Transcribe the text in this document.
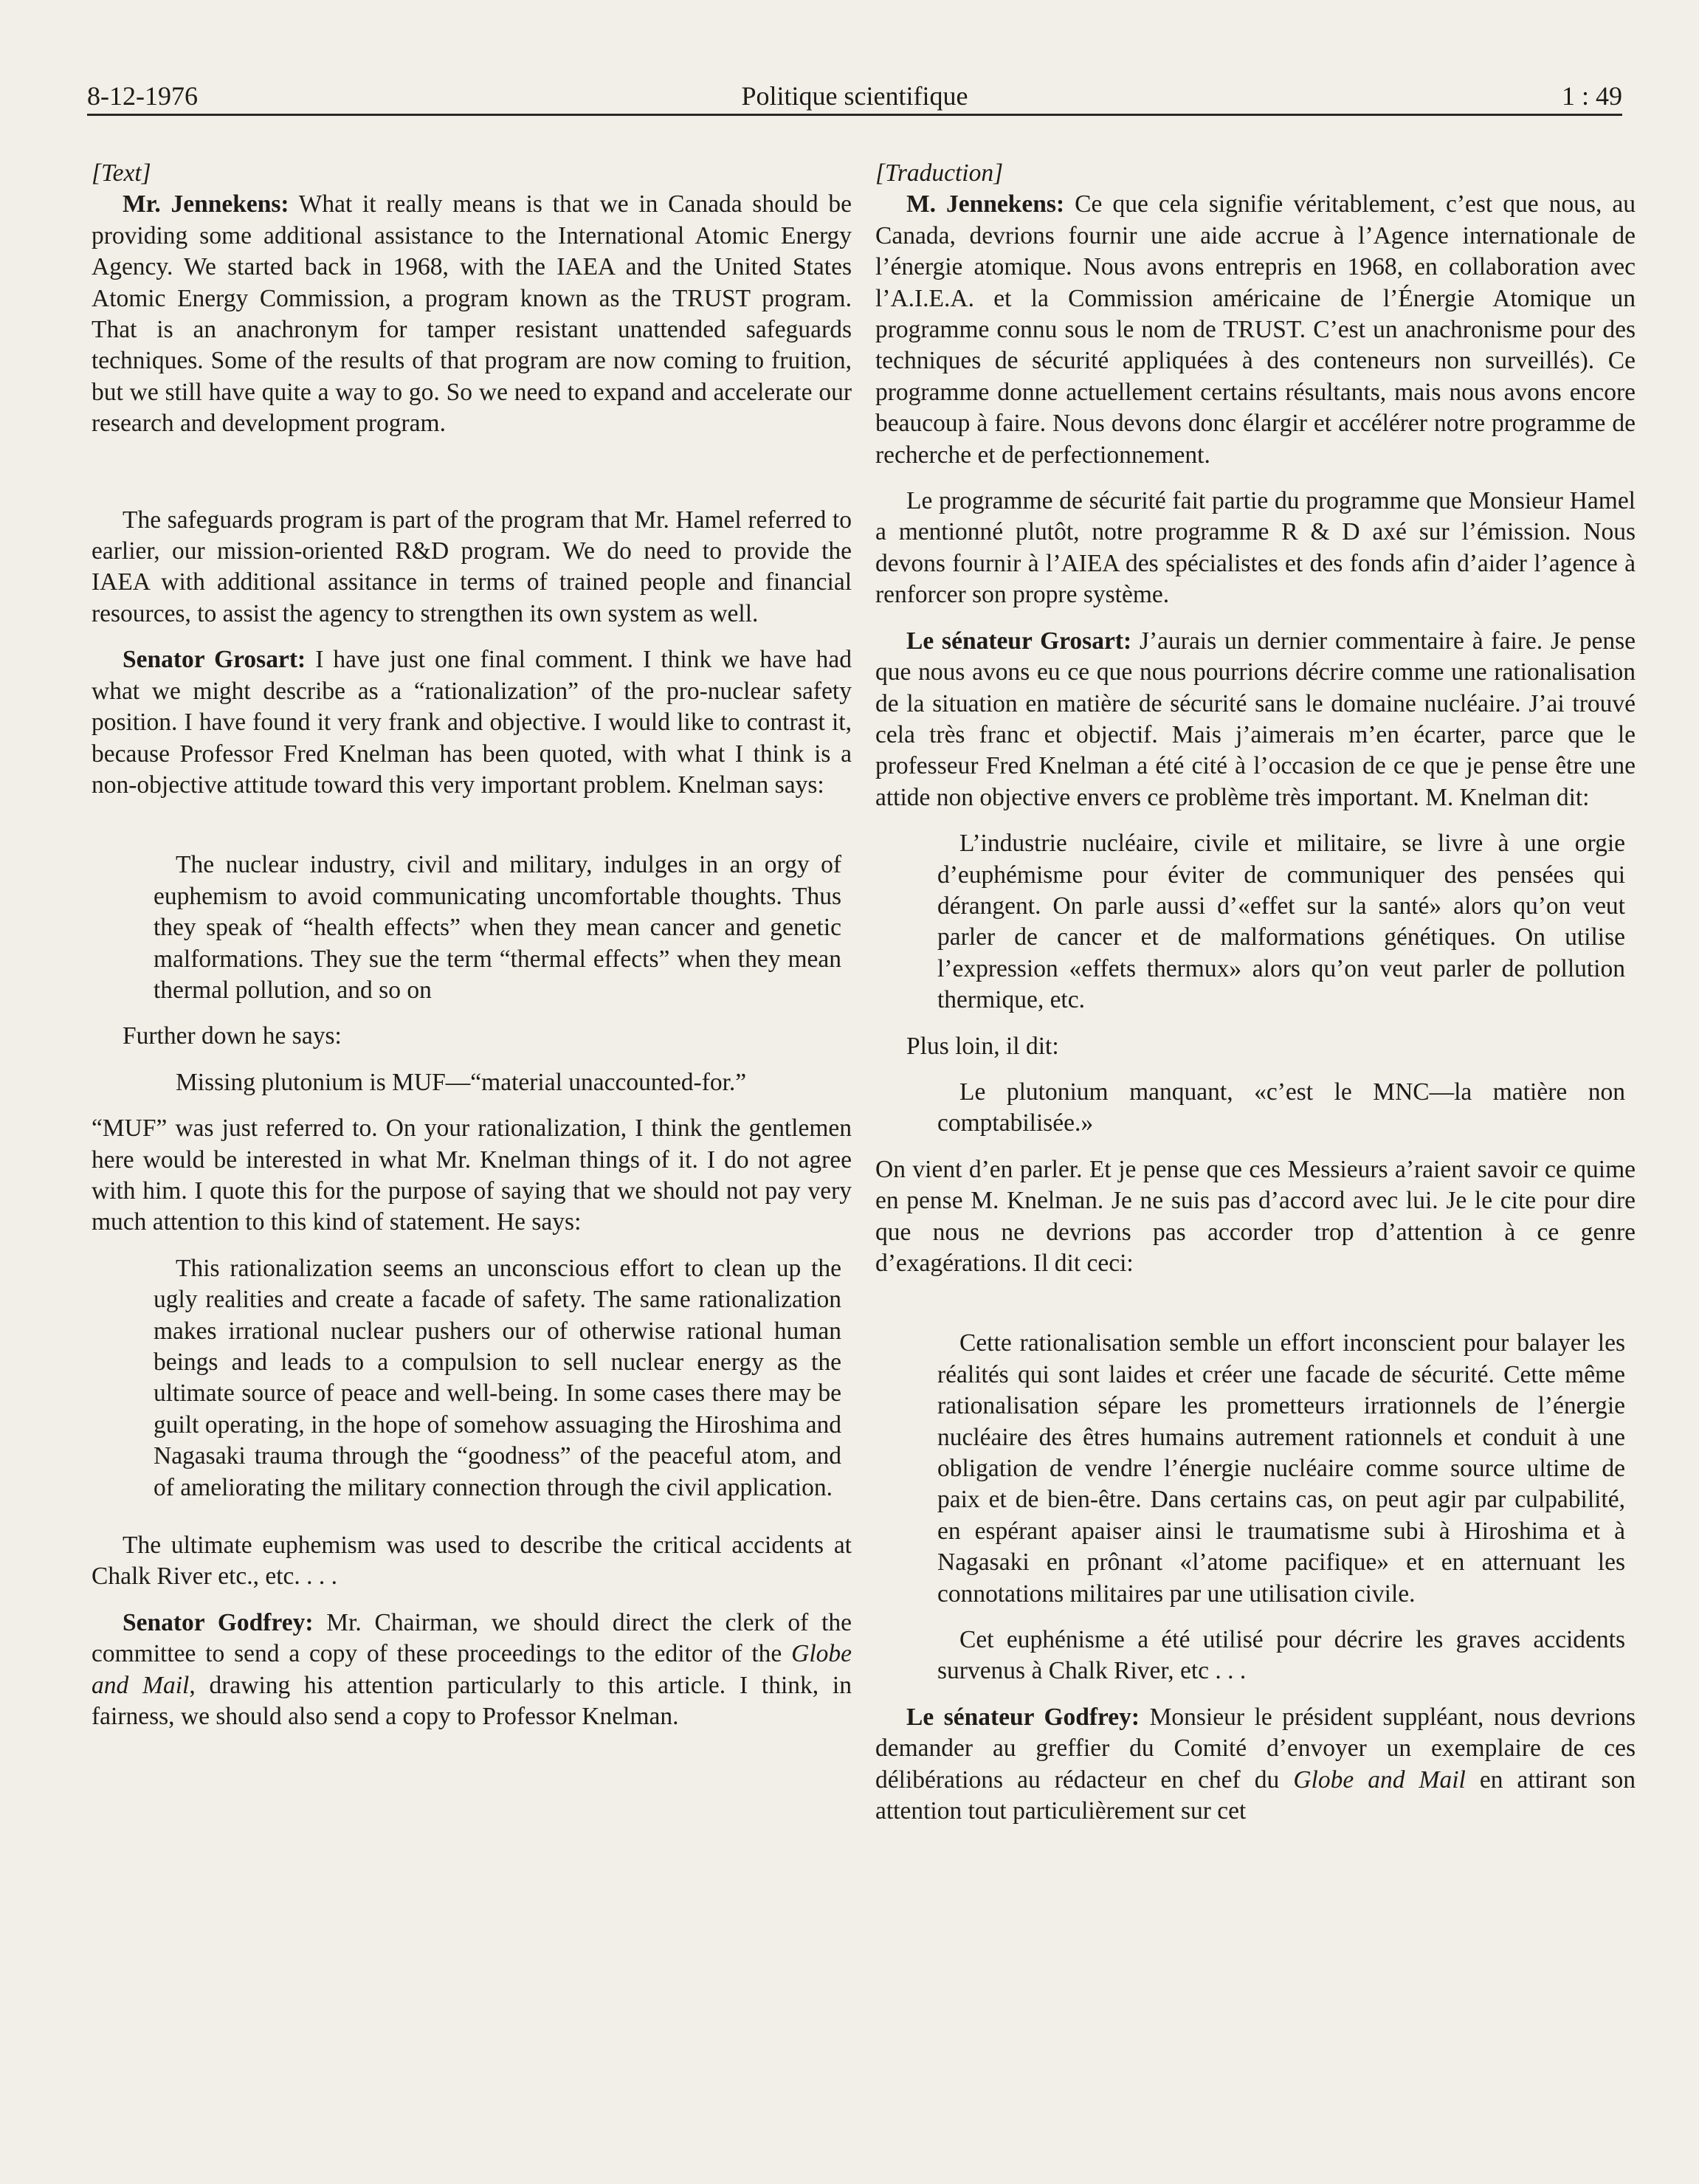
8-12-1976	Politique scientifique	1 : 49

[Text]

Mr. Jennekens: What it really means is that we in Canada should be providing some additional assistance to the International Atomic Energy Agency. We started back in 1968, with the IAEA and the United States Atomic Energy Commission, a program known as the TRUST program. That is an anachronym for tamper resistant unattended safeguards techniques. Some of the results of that program are now coming to fruition, but we still have quite a way to go. So we need to expand and accelerate our research and development program.

The safeguards program is part of the program that Mr. Hamel referred to earlier, our mission-oriented R&D program. We do need to provide the IAEA with additional assitance in terms of trained people and financial resources, to assist the agency to strengthen its own system as well.

Senator Grosart: I have just one final comment. I think we have had what we might describe as a “rationalization” of the pro-nuclear safety position. I have found it very frank and objective. I would like to contrast it, because Professor Fred Knelman has been quoted, with what I think is a non-objective attitude toward this very important problem. Knelman says:

The nuclear industry, civil and military, indulges in an orgy of euphemism to avoid communicating uncomfortable thoughts. Thus they speak of “health effects” when they mean cancer and genetic malformations. They sue the term “thermal effects” when they mean thermal pollution, and so on

Further down he says:

Missing plutonium is MUF—“material unaccounted-for.”

“MUF” was just referred to. On your rationalization, I think the gentlemen here would be interested in what Mr. Knelman things of it. I do not agree with him. I quote this for the purpose of saying that we should not pay very much attention to this kind of statement. He says:

This rationalization seems an unconscious effort to clean up the ugly realities and create a facade of safety. The same rationalization makes irrational nuclear pushers our of otherwise rational human beings and leads to a compulsion to sell nuclear energy as the ultimate source of peace and well-being. In some cases there may be guilt operating, in the hope of somehow assuaging the Hiroshima and Nagasaki trauma through the “goodness” of the peaceful atom, and of ameliorating the military connection through the civil application.

The ultimate euphemism was used to describe the critical accidents at Chalk River etc., etc. . . .

Senator Godfrey: Mr. Chairman, we should direct the clerk of the committee to send a copy of these proceedings to the editor of the Globe and Mail, drawing his attention particularly to this article. I think, in fairness, we should also send a copy to Professor Knelman.

[Traduction]

M. Jennekens: Ce que cela signifie véritablement, c’est que nous, au Canada, devrions fournir une aide accrue à l’Agence internationale de l’énergie atomique. Nous avons entrepris en 1968, en collaboration avec l’A.I.E.A. et la Commission américaine de l’Énergie Atomique un programme connu sous le nom de TRUST. C’est un anachronisme pour des techniques de sécurité appliquées à des conteneurs non surveillés). Ce programme donne actuellement certains résultants, mais nous avons encore beaucoup à faire. Nous devons donc élargir et accélérer notre programme de recherche et de perfectionnement.

Le programme de sécurité fait partie du programme que Monsieur Hamel a mentionné plutôt, notre programme R & D axé sur l’émission. Nous devons fournir à l’AIEA des spécialistes et des fonds afin d’aider l’agence à renforcer son propre système.

Le sénateur Grosart: J’aurais un dernier commentaire à faire. Je pense que nous avons eu ce que nous pourrions décrire comme une rationalisation de la situation en matière de sécurité sans le domaine nucléaire. J’ai trouvé cela très franc et objectif. Mais j’aimerais m’en écarter, parce que le professeur Fred Knelman a été cité à l’occasion de ce que je pense être une attide non objective envers ce problème très important. M. Knelman dit:

L’industrie nucléaire, civile et militaire, se livre à une orgie d’euphémisme pour éviter de communiquer des pensées qui dérangent. On parle aussi d’«effet sur la santé» alors qu’on veut parler de cancer et de malformations génétiques. On utilise l’expression «effets thermux» alors qu’on veut parler de pollution thermique, etc.

Plus loin, il dit:

Le plutonium manquant, «c’est le MNC—la matière non comptabilisée.»

On vient d’en parler. Et je pense que ces Messieurs a’raient savoir ce quime en pense M. Knelman. Je ne suis pas d’accord avec lui. Je le cite pour dire que nous ne devrions pas accorder trop d’attention à ce genre d’exagérations. Il dit ceci:

Cette rationalisation semble un effort inconscient pour balayer les réalités qui sont laides et créer une facade de sécurité. Cette même rationalisation sépare les prometteurs irrationnels de l’énergie nucléaire des êtres humains autrement rationnels et conduit à une obligation de vendre l’énergie nucléaire comme source ultime de paix et de bien-être. Dans certains cas, on peut agir par culpabilité, en espérant apaiser ainsi le traumatisme subi à Hiroshima et à Nagasaki en prônant «l’atome pacifique» et en atternuant les connotations militaires par une utilisation civile.

Cet euphénisme a été utilisé pour décrire les graves accidents survenus à Chalk River, etc . . .

Le sénateur Godfrey: Monsieur le président suppléant, nous devrions demander au greffier du Comité d’envoyer un exemplaire de ces délibérations au rédacteur en chef du Globe and Mail en attirant son attention tout particulièrement sur cet
